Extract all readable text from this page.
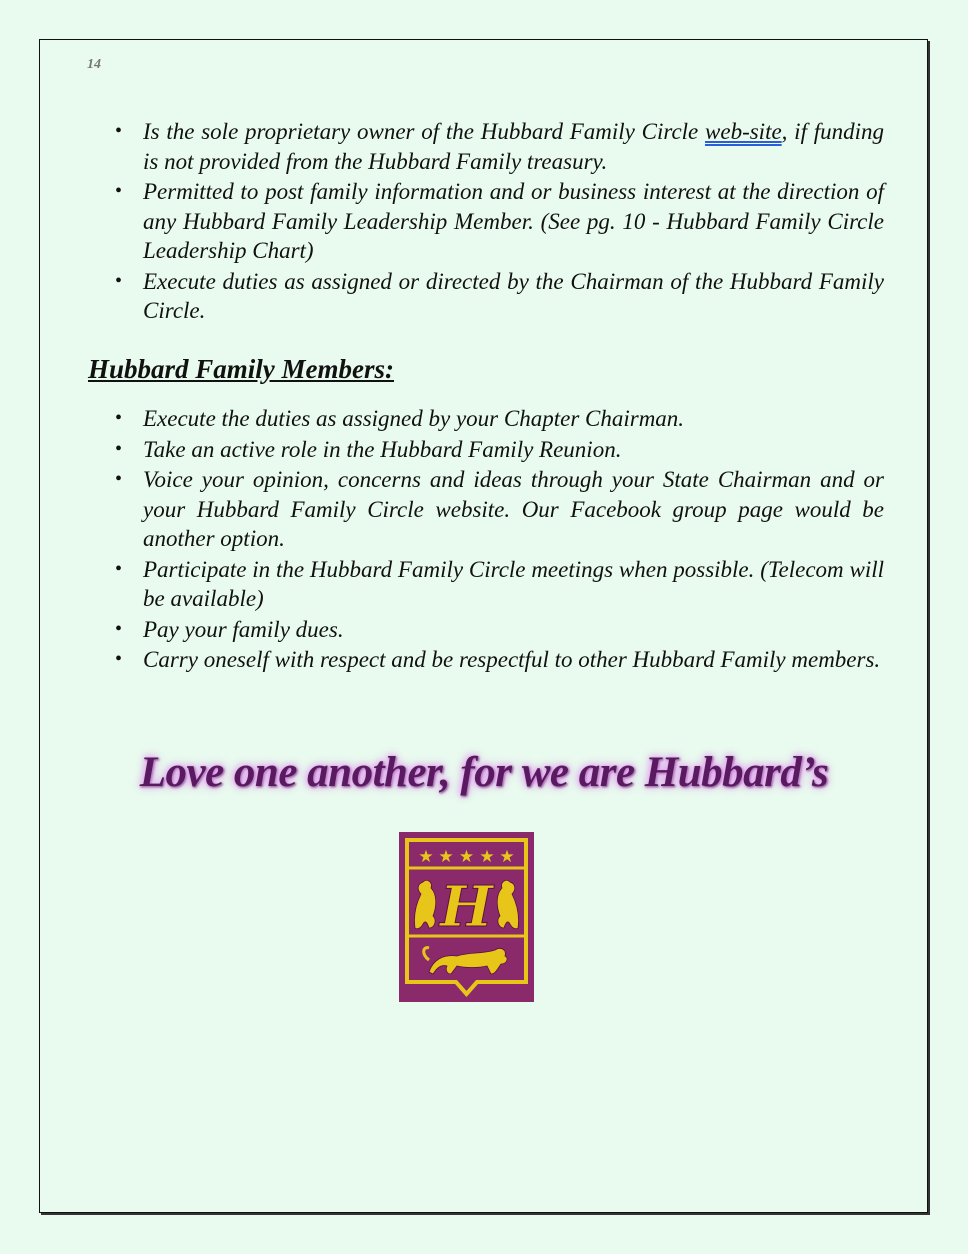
14
• Is the sole proprietary owner of the Hubbard Family Circle web-site, if funding is not provided from the Hubbard Family treasury.
• Permitted to post family information and or business interest at the direction of any Hubbard Family Leadership Member. (See pg. 10 - Hubbard Family Circle Leadership Chart)
• Execute duties as assigned or directed by the Chairman of the Hubbard Family Circle.
Hubbard Family Members:
• Execute the duties as assigned by your Chapter Chairman.
• Take an active role in the Hubbard Family Reunion.
• Voice your opinion, concerns and ideas through your State Chairman and or your Hubbard Family Circle website. Our Facebook group page would be another option.
• Participate in the Hubbard Family Circle meetings when possible. (Telecom will be available)
• Pay your family dues.
• Carry oneself with respect and be respectful to other Hubbard Family members.
Love one another, for we are Hubbard’s
★ ★ ★ ★ ★
H
